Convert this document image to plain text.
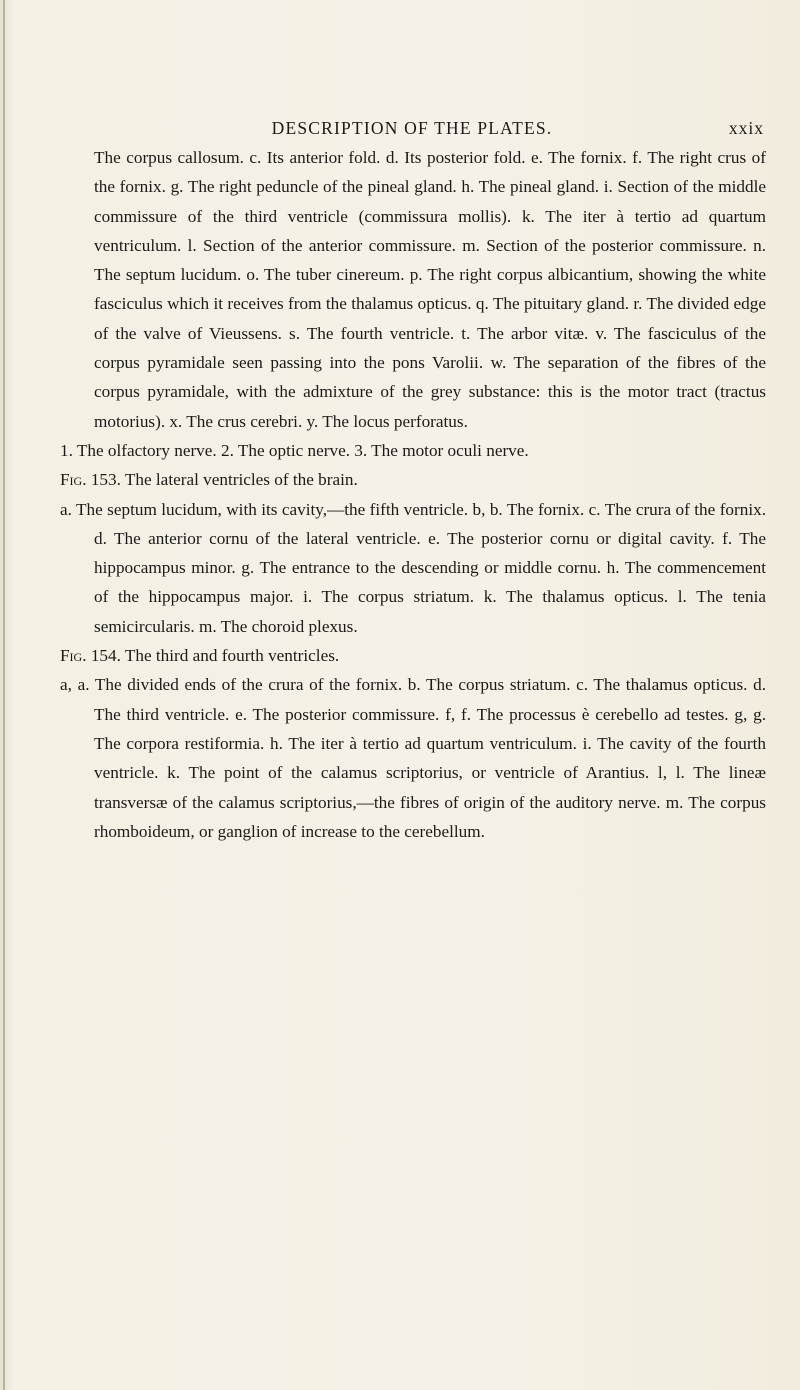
DESCRIPTION OF THE PLATES.	xxix

The corpus callosum. c. Its anterior fold. d. Its posterior fold. e. The fornix. f. The right crus of the fornix. g. The right peduncle of the pineal gland. h. The pineal gland. i. Section of the middle commissure of the third ventricle (commissura mollis). k. The iter à tertio ad quartum ventriculum. l. Section of the anterior commissure. m. Section of the posterior commissure. n. The septum lucidum. o. The tuber cinereum. p. The right corpus albicantium, showing the white fasciculus which it receives from the thalamus opticus. q. The pituitary gland. r. The divided edge of the valve of Vieussens. s. The fourth ventricle. t. The arbor vitæ. v. The fasciculus of the corpus pyramidale seen passing into the pons Varolii. w. The separation of the fibres of the corpus pyramidale, with the admixture of the grey substance: this is the motor tract (tractus motorius). x. The crus cerebri. y. The locus perforatus.

1. The olfactory nerve. 2. The optic nerve. 3. The motor oculi nerve.

Fig. 153. The lateral ventricles of the brain.

a. The septum lucidum, with its cavity,—the fifth ventricle. b, b. The fornix. c. The crura of the fornix. d. The anterior cornu of the lateral ventricle. e. The posterior cornu or digital cavity. f. The hippocampus minor. g. The entrance to the descending or middle cornu. h. The commencement of the hippocampus major. i. The corpus striatum. k. The thalamus opticus. l. The tenia semicircularis. m. The choroid plexus.

Fig. 154. The third and fourth ventricles.

a, a. The divided ends of the crura of the fornix. b. The corpus striatum. c. The thalamus opticus. d. The third ventricle. e. The posterior commissure. f, f. The processus è cerebello ad testes. g, g. The corpora restiformia. h. The iter à tertio ad quartum ventriculum. i. The cavity of the fourth ventricle. k. The point of the calamus scriptorius, or ventricle of Arantius. l, l. The lineæ transversæ of the calamus scriptorius,—the fibres of origin of the auditory nerve. m. The corpus rhomboideum, or ganglion of increase to the cerebellum.
